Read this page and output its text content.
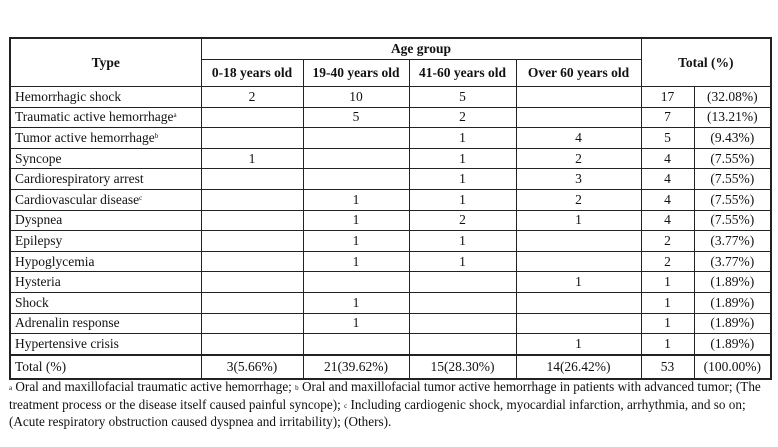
Type	Age group				Total (%)	
	0-18 years old	19-40 years old	41-60 years old	Over 60 years old		
Hemorrhagic shock	2	10	5		17	(32.08%)
Traumatic active hemorrhage$^a$		5	2		7	(13.21%)
Tumor active hemorrhage$^b$			1	4	5	(9.43%)
Syncope	1		1	2	4	(7.55%)
Cardiorespiratory arrest			1	3	4	(7.55%)
Cardiovascular disease$^c$		1	1	2	4	(7.55%)
Dyspnea		1	2	1	4	(7.55%)
Epilepsy		1	1		2	(3.77%)
Hypoglycemia		1	1		2	(3.77%)
Hysteria				1	1	(1.89%)
Shock		1			1	(1.89%)
Adrenalin response		1			1	(1.89%)
Hypertensive crisis				1	1	(1.89%)
Total (%)	3(5.66%)	21(39.62%)	15(28.30%)	14(26.42%)	53	(100.00%)
$^a$ Oral and maxillofacial traumatic active hemorrhage; $^b$ Oral and maxillofacial tumor active hemorrhage in patients with advanced tumor; (The treatment process or the disease itself caused painful syncope); $^c$ Including cardiogenic shock, myocardial infarction, arrhythmia, and so on; (Acute respiratory obstruction caused dyspnea and irritability); (Others).
